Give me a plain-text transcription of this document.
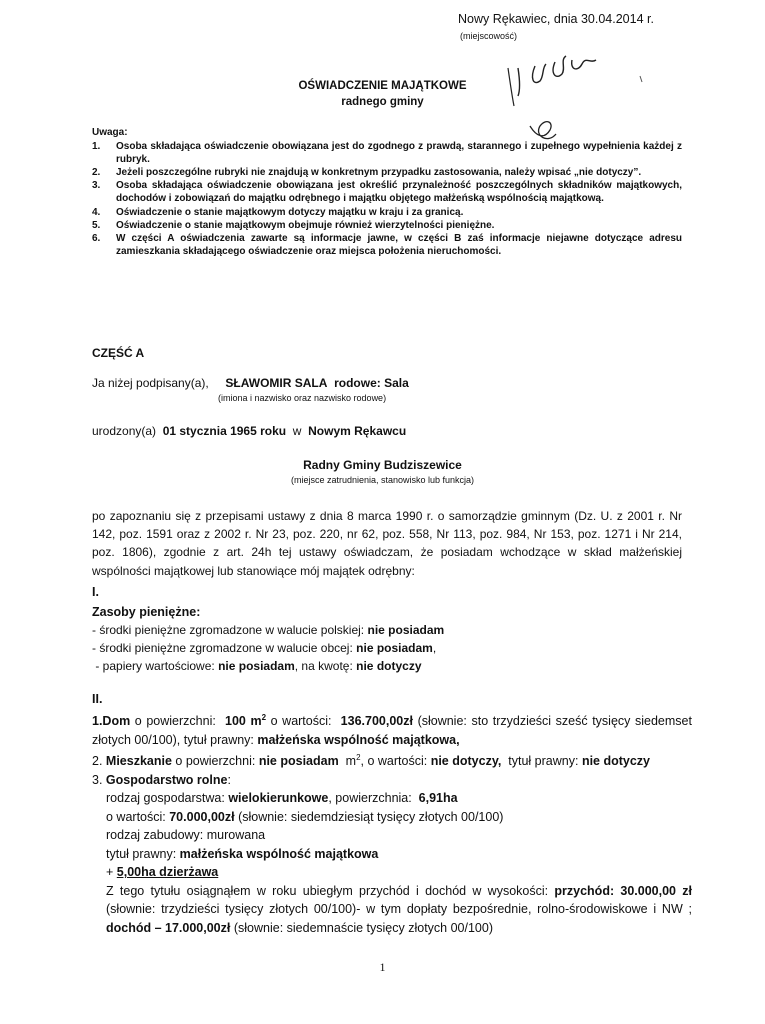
Nowy Rękawiec, dnia 30.04.2014 r.
(miejscowość)
OŚWIADCZENIE MAJĄTKOWE
radnego gminy
Uwaga:
1. Osoba składająca oświadczenie obowiązana jest do zgodnego z prawdą, starannego i zupełnego wypełnienia każdej z rubryk.
2. Jeżeli poszczególne rubryki nie znajdują w konkretnym przypadku zastosowania, należy wpisać „nie dotyczy”.
3. Osoba składająca oświadczenie obowiązana jest określić przynależność poszczególnych składników majątkowych, dochodów i zobowiązań do majątku odrębnego i majątku objętego małżeńską wspólnością majątkową.
4. Oświadczenie o stanie majątkowym dotyczy majątku w kraju i za granicą.
5. Oświadczenie o stanie majątkowym obejmuje również wierzytelności pieniężne.
6. W części A oświadczenia zawarte są informacje jawne, w części B zaś informacje niejawne dotyczące adresu zamieszkania składającego oświadczenie oraz miejsca położenia nieruchomości.
CZĘŚĆ A
Ja niżej podpisany(a), SŁAWOMIR SALA rodowe: Sala
(imiona i nazwisko oraz nazwisko rodowe)
urodzony(a) 01 stycznia 1965 roku w Nowym Rękawcu
Radny Gminy Budziszewice
(miejsce zatrudnienia, stanowisko lub funkcja)
po zapoznaniu się z przepisami ustawy z dnia 8 marca 1990 r. o samorządzie gminnym (Dz. U. z 2001 r. Nr 142, poz. 1591 oraz z 2002 r. Nr 23, poz. 220, nr 62, poz. 558, Nr 113, poz. 984, Nr 153, poz. 1271 i Nr 214, poz. 1806), zgodnie z art. 24h tej ustawy oświadczam, że posiadam wchodzące w skład małżeńskiej wspólności majątkowej lub stanowiące mój majątek odrębny:
I.
Zasoby pieniężne:
- środki pieniężne zgromadzone w walucie polskiej: nie posiadam
- środki pieniężne zgromadzone w walucie obcej: nie posiadam,
- papiery wartościowe: nie posiadam, na kwotę: nie dotyczy
II.
1.Dom o powierzchni: 100 $m^2$ o wartości: 136.700,00zł (słownie: sto trzydzieści sześć tysięcy siedemset złotych 00/100), tytuł prawny: małżeńska wspólność majątkowa,
2. Mieszkanie o powierzchni: nie posiadam $m^2$, o wartości: nie dotyczy, tytuł prawny: nie dotyczy
3. Gospodarstwo rolne:
rodzaj gospodarstwa: wielokierunkowe, powierzchnia: 6,91ha
o wartości: 70.000,00zł (słownie: siedemdziesiąt tysięcy złotych 00/100)
rodzaj zabudowy: murowana
tytuł prawny: małżeńska wspólność majątkowa
+ 5,00ha dzierżawa
Z tego tytułu osiągnąłem w roku ubiegłym przychód i dochód w wysokości: przychód: 30.000,00 zł (słownie: trzydzieści tysięcy złotych 00/100)- w tym dopłaty bezpośrednie, rolno-środowiskowe i NW ; dochód – 17.000,00zł (słownie: siedemnaście tysięcy złotych 00/100)
1
